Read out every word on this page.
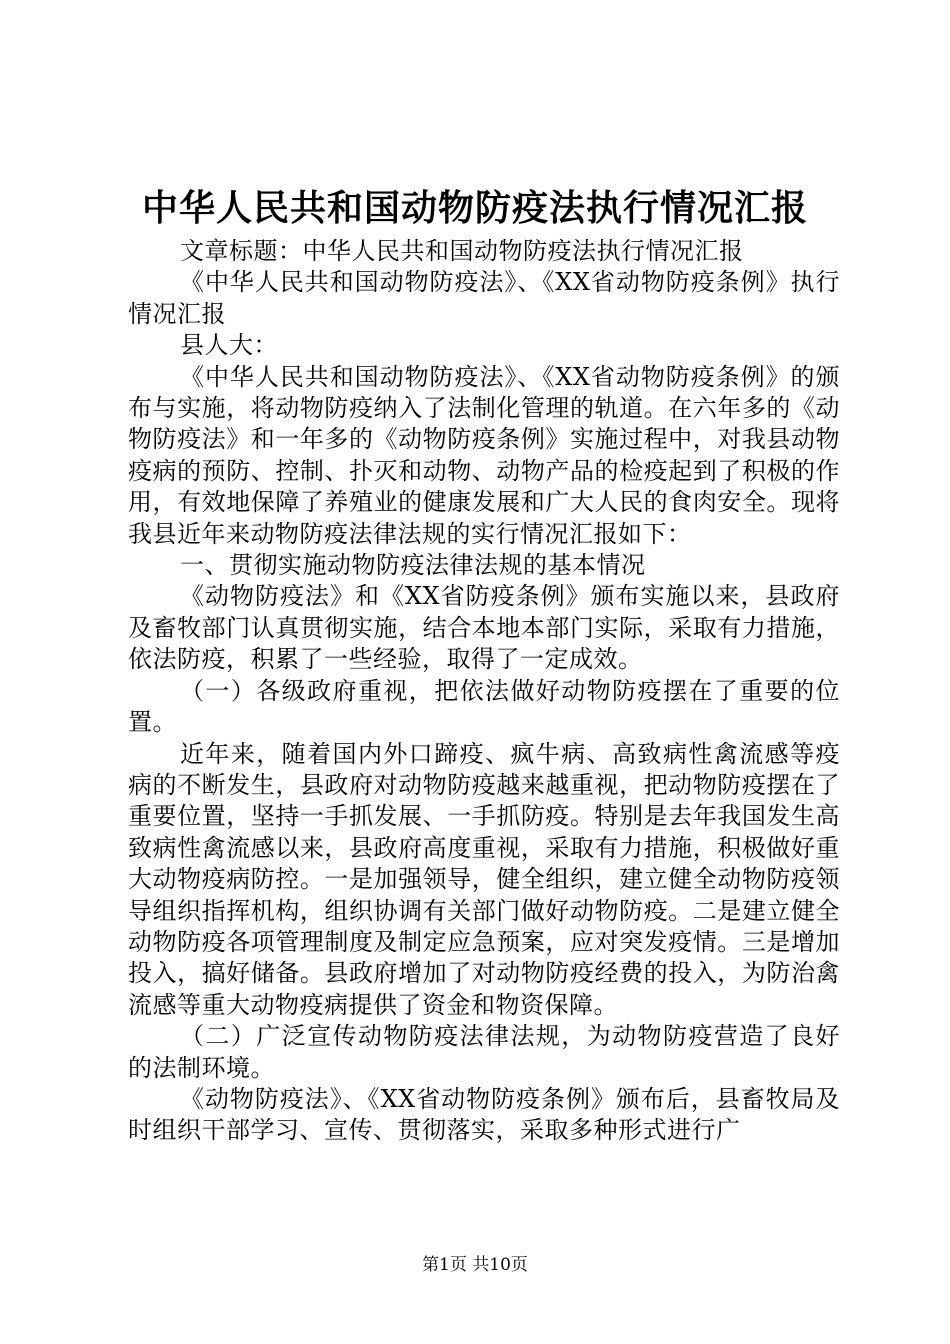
中华人民共和国动物防疫法执行情况汇报

文章标题：中华人民共和国动物防疫法执行情况汇报

《中华人民共和国动物防疫法》、《XX省动物防疫条例》执行情况汇报

县人大：

《中华人民共和国动物防疫法》、《XX省动物防疫条例》的颁布与实施，将动物防疫纳入了法制化管理的轨道。在六年多的《动物防疫法》和一年多的《动物防疫条例》实施过程中，对我县动物疫病的预防、控制、扑灭和动物、动物产品的检疫起到了积极的作用，有效地保障了养殖业的健康发展和广大人民的食肉安全。现将我县近年来动物防疫法律法规的实行情况汇报如下：

一、贯彻实施动物防疫法律法规的基本情况

《动物防疫法》和《XX省防疫条例》颁布实施以来，县政府及畜牧部门认真贯彻实施，结合本地本部门实际，采取有力措施，依法防疫，积累了一些经验，取得了一定成效。

（一）各级政府重视，把依法做好动物防疫摆在了重要的位置。

近年来，随着国内外口蹄疫、疯牛病、高致病性禽流感等疫病的不断发生，县政府对动物防疫越来越重视，把动物防疫摆在了重要位置，坚持一手抓发展、一手抓防疫。特别是去年我国发生高致病性禽流感以来，县政府高度重视，采取有力措施，积极做好重大动物疫病防控。一是加强领导，健全组织，建立健全动物防疫领导组织指挥机构，组织协调有关部门做好动物防疫。二是建立健全动物防疫各项管理制度及制定应急预案，应对突发疫情。三是增加投入，搞好储备。县政府增加了对动物防疫经费的投入，为防治禽流感等重大动物疫病提供了资金和物资保障。

（二）广泛宣传动物防疫法律法规，为动物防疫营造了良好的法制环境。

《动物防疫法》、《XX省动物防疫条例》颁布后，县畜牧局及时组织干部学习、宣传、贯彻落实，采取多种形式进行广

第1页 共10页
